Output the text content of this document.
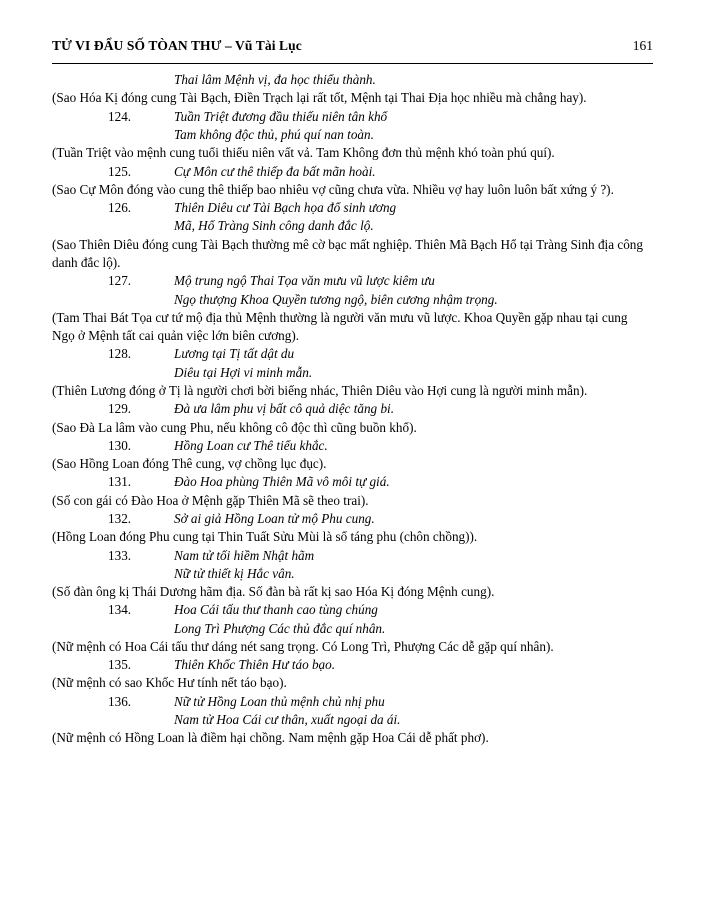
TỬ VI ĐẨU SỐ TÒAN THƯ – Vũ Tài Lục	161
Thai lâm Mệnh vị, đa học thiểu thành.
(Sao Hóa Kị đóng cung Tài Bạch, Điền Trạch lại rất tốt, Mệnh tại Thai Địa học nhiều mà chẳng hay).
124.	Tuần Triệt đương đầu thiếu niên tân khổ
Tam không độc thủ, phú quí nan toàn.
(Tuần Triệt vào mệnh cung tuổi thiếu niên vất vả. Tam Không đơn thủ mệnh khó toàn phú quí).
125.	Cự Môn cư thê thiếp đa bất mãn hoài.
(Sao Cự Môn đóng vào cung thê thiếp bao nhiêu vợ cũng chưa vừa. Nhiều vợ hay luôn luôn bất xứng ý ?).
126.	Thiên Diêu cư Tài Bạch họa đổ sinh ương
Mã, Hổ Tràng Sinh công danh đắc lộ.
(Sao Thiên Diêu đóng cung Tài Bạch thường mê cờ bạc mất nghiệp. Thiên Mã Bạch Hổ tại Tràng Sinh địa công danh đắc lộ).
127.	Mộ trung ngộ Thai Tọa văn mưu vũ lược kiêm ưu
Ngọ thượng Khoa Quyền tương ngộ, biên cương nhậm trọng.
(Tam Thai Bát Tọa cư tứ mộ địa thủ Mệnh thường là người văn mưu vũ lược. Khoa Quyền gặp nhau tại cung Ngọ ở Mệnh tất cai quản việc lớn biên cương).
128.	Lương tại Tị tất dật du
Diêu tại Hợi vi minh mẫn.
(Thiên Lương đóng ở Tị là người chơi bời biếng nhác, Thiên Diêu vào Hợi cung là người minh mẫn).
129.	Đà ưa lâm phu vị bất cô quả diệc tăng bi.
(Sao Đà La lâm vào cung Phu, nếu không cô độc thì cũng buồn khổ).
130.	Hồng Loan cư Thê tiểu khắc.
(Sao Hồng Loan đóng Thê cung, vợ chồng lục đục).
131.	Đào Hoa phùng Thiên Mã vô môi tự giá.
(Số con gái có Đào Hoa ở Mệnh gặp Thiên Mã sẽ theo trai).
132.	Sở ai giả Hồng Loan tử mộ Phu cung.
(Hồng Loan đóng Phu cung tại Thin Tuất Sửu Mùi là số táng phu (chôn chồng)).
133.	Nam tử tối hiềm Nhật hãm
Nữ tử thiết kị Hắc vân.
(Số đàn ông kị Thái Dương hãm địa. Số đàn bà rất kị sao Hóa Kị đóng Mệnh cung).
134.	Hoa Cái tấu thư thanh cao tùng chúng
Long Trì Phượng Các thủ đắc quí nhân.
(Nữ mệnh có Hoa Cái tấu thư dáng nét sang trọng. Có Long Trì, Phượng Các dễ gặp quí nhân).
135.	Thiên Khốc Thiên Hư táo bạo.
(Nữ mệnh có sao Khốc Hư tính nết táo bạo).
136.	Nữ tử Hồng Loan thủ mệnh chủ nhị phu
Nam tử Hoa Cái cư thân, xuất ngoại da ái.
(Nữ mệnh có Hồng Loan là điềm hại chồng. Nam mệnh gặp Hoa Cái dễ phất phơ).
